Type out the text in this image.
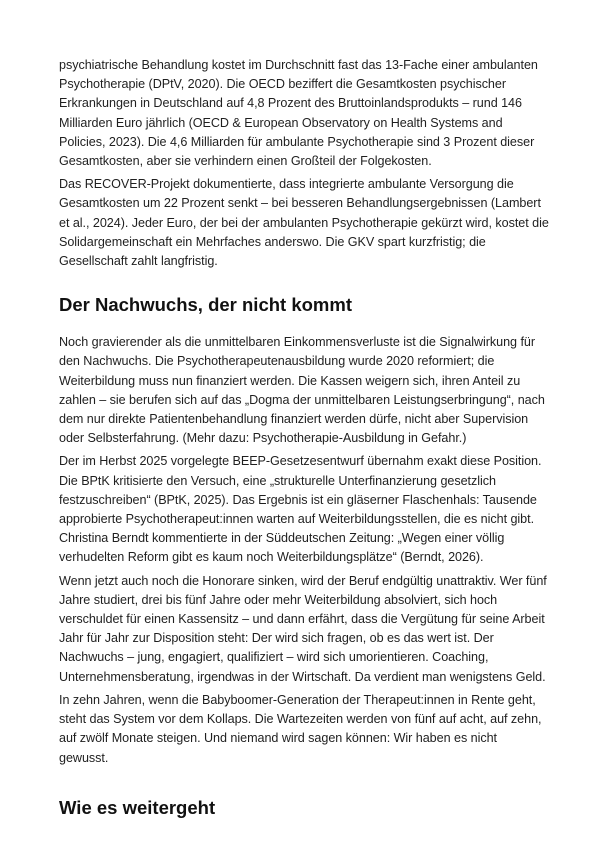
psychiatrische Behandlung kostet im Durchschnitt fast das 13-Fache einer ambulanten Psychotherapie (DPtV, 2020). Die OECD beziffert die Gesamtkosten psychischer Erkrankungen in Deutschland auf 4,8 Prozent des Bruttoinlandsprodukts – rund 146 Milliarden Euro jährlich (OECD & European Observatory on Health Systems and Policies, 2023). Die 4,6 Milliarden für ambulante Psychotherapie sind 3 Prozent dieser Gesamtkosten, aber sie verhindern einen Großteil der Folgekosten.

Das RECOVER-Projekt dokumentierte, dass integrierte ambulante Versorgung die Gesamtkosten um 22 Prozent senkt – bei besseren Behandlungsergebnissen (Lambert et al., 2024). Jeder Euro, der bei der ambulanten Psychotherapie gekürzt wird, kostet die Solidargemeinschaft ein Mehrfaches anderswo. Die GKV spart kurzfristig; die Gesellschaft zahlt langfristig.

Der Nachwuchs, der nicht kommt

Noch gravierender als die unmittelbaren Einkommensverluste ist die Signalwirkung für den Nachwuchs. Die Psychotherapeutenausbildung wurde 2020 reformiert; die Weiterbildung muss nun finanziert werden. Die Kassen weigern sich, ihren Anteil zu zahlen – sie berufen sich auf das „Dogma der unmittelbaren Leistungserbringung“, nach dem nur direkte Patientenbehandlung finanziert werden dürfe, nicht aber Supervision oder Selbsterfahrung. (Mehr dazu: Psychotherapie-Ausbildung in Gefahr.)

Der im Herbst 2025 vorgelegte BEEP-Gesetzesentwurf übernahm exakt diese Position. Die BPtK kritisierte den Versuch, eine „strukturelle Unterfinanzierung gesetzlich festzuschreiben“ (BPtK, 2025). Das Ergebnis ist ein gläserner Flaschenhals: Tausende approbierte Psychotherapeut:innen warten auf Weiterbildungsstellen, die es nicht gibt. Christina Berndt kommentierte in der Süddeutschen Zeitung: „Wegen einer völlig verhudelten Reform gibt es kaum noch Weiterbildungsplätze“ (Berndt, 2026).

Wenn jetzt auch noch die Honorare sinken, wird der Beruf endgültig unattraktiv. Wer fünf Jahre studiert, drei bis fünf Jahre oder mehr Weiterbildung absolviert, sich hoch verschuldet für einen Kassensitz – und dann erfährt, dass die Vergütung für seine Arbeit Jahr für Jahr zur Disposition steht: Der wird sich fragen, ob es das wert ist. Der Nachwuchs – jung, engagiert, qualifiziert – wird sich umorientieren. Coaching, Unternehmensberatung, irgendwas in der Wirtschaft. Da verdient man wenigstens Geld.

In zehn Jahren, wenn die Babyboomer-Generation der Therapeut:innen in Rente geht, steht das System vor dem Kollaps. Die Wartezeiten werden von fünf auf acht, auf zehn, auf zwölf Monate steigen. Und niemand wird sagen können: Wir haben es nicht gewusst.

Wie es weitergeht
